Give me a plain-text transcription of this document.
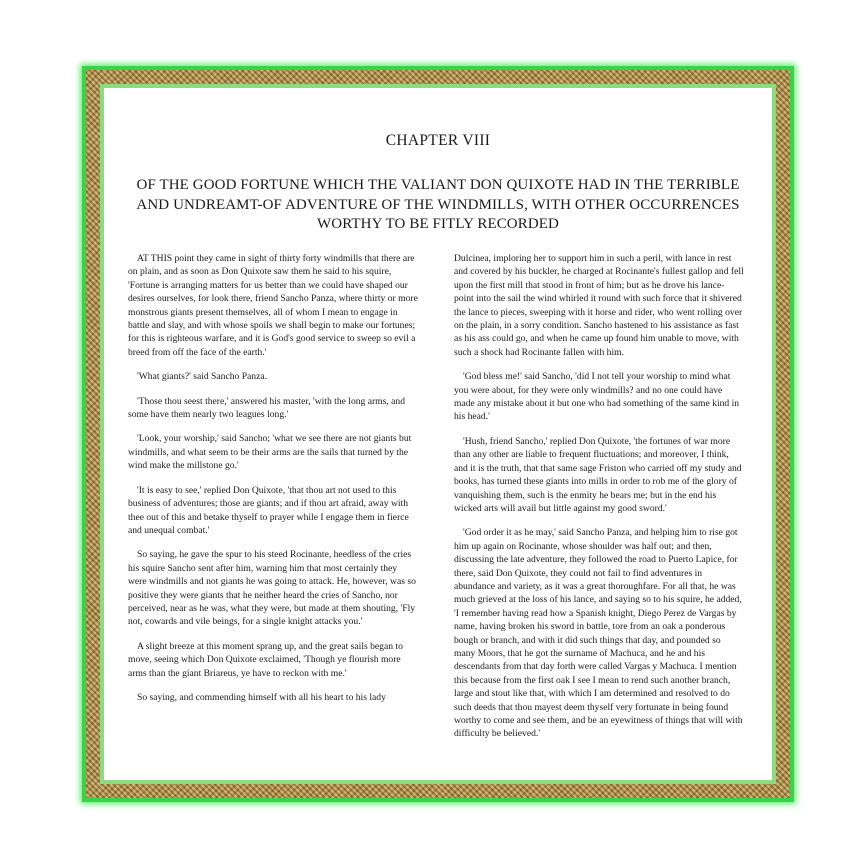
CHAPTER VIII
OF THE GOOD FORTUNE WHICH THE VALIANT DON QUIXOTE HAD IN THE TERRIBLE AND UNDREAMT-OF ADVENTURE OF THE WINDMILLS, WITH OTHER OCCURRENCES WORTHY TO BE FITLY RECORDED

AT THIS point they came in sight of thirty forty windmills that there are on plain, and as soon as Don Quixote saw them he said to his squire, 'Fortune is arranging matters for us better than we could have shaped our desires ourselves, for look there, friend Sancho Panza, where thirty or more monstrous giants present themselves, all of whom I mean to engage in battle and slay, and with whose spoils we shall begin to make our fortunes; for this is righteous warfare, and it is God's good service to sweep so evil a breed from off the face of the earth.'

'What giants?' said Sancho Panza.

'Those thou seest there,' answered his master, 'with the long arms, and some have them nearly two leagues long.'

'Look, your worship,' said Sancho; 'what we see there are not giants but windmills, and what seem to be their arms are the sails that turned by the wind make the millstone go.'

'It is easy to see,' replied Don Quixote, 'that thou art not used to this business of adventures; those are giants; and if thou art afraid, away with thee out of this and betake thyself to prayer while I engage them in fierce and unequal combat.'

So saying, he gave the spur to his steed Rocinante, heedless of the cries his squire Sancho sent after him, warning him that most certainly they were windmills and not giants he was going to attack. He, however, was so positive they were giants that he neither heard the cries of Sancho, nor perceived, near as he was, what they were, but made at them shouting, 'Fly not, cowards and vile beings, for a single knight attacks you.'

A slight breeze at this moment sprang up, and the great sails began to move, seeing which Don Quixote exclaimed, 'Though ye flourish more arms than the giant Briareus, ye have to reckon with me.'

So saying, and commending himself with all his heart to his lady

Dulcinea, imploring her to support him in such a peril, with lance in rest and covered by his buckler, he charged at Rocinante's fullest gallop and fell upon the first mill that stood in front of him; but as he drove his lance-point into the sail the wind whirled it round with such force that it shivered the lance to pieces, sweeping with it horse and rider, who went rolling over on the plain, in a sorry condition. Sancho hastened to his assistance as fast as his ass could go, and when he came up found him unable to move, with such a shock had Rocinante fallen with him.

'God bless me!' said Sancho, 'did I not tell your worship to mind what you were about, for they were only windmills? and no one could have made any mistake about it but one who had something of the same kind in his head.'

'Hush, friend Sancho,' replied Don Quixote, 'the fortunes of war more than any other are liable to frequent fluctuations; and moreover, I think, and it is the truth, that that same sage Friston who carried off my study and books, has turned these giants into mills in order to rob me of the glory of vanquishing them, such is the enmity he bears me; but in the end his wicked arts will avail but little against my good sword.'

'God order it as he may,' said Sancho Panza, and helping him to rise got him up again on Rocinante, whose shoulder was half out; and then, discussing the late adventure, they followed the road to Puerto Lapice, for there, said Don Quixote, they could not fail to find adventures in abundance and variety, as it was a great thoroughfare. For all that, he was much grieved at the loss of his lance, and saying so to his squire, he added, 'I remember having read how a Spanish knight, Diego Perez de Vargas by name, having broken his sword in battle, tore from an oak a ponderous bough or branch, and with it did such things that day, and pounded so many Moors, that he got the surname of Machuca, and he and his descendants from that day forth were called Vargas y Machuca. I mention this because from the first oak I see I mean to rend such another branch, large and stout like that, with which I am determined and resolved to do such deeds that thou mayest deem thyself very fortunate in being found worthy to come and see them, and be an eyewitness of things that will with difficulty be believed.'
